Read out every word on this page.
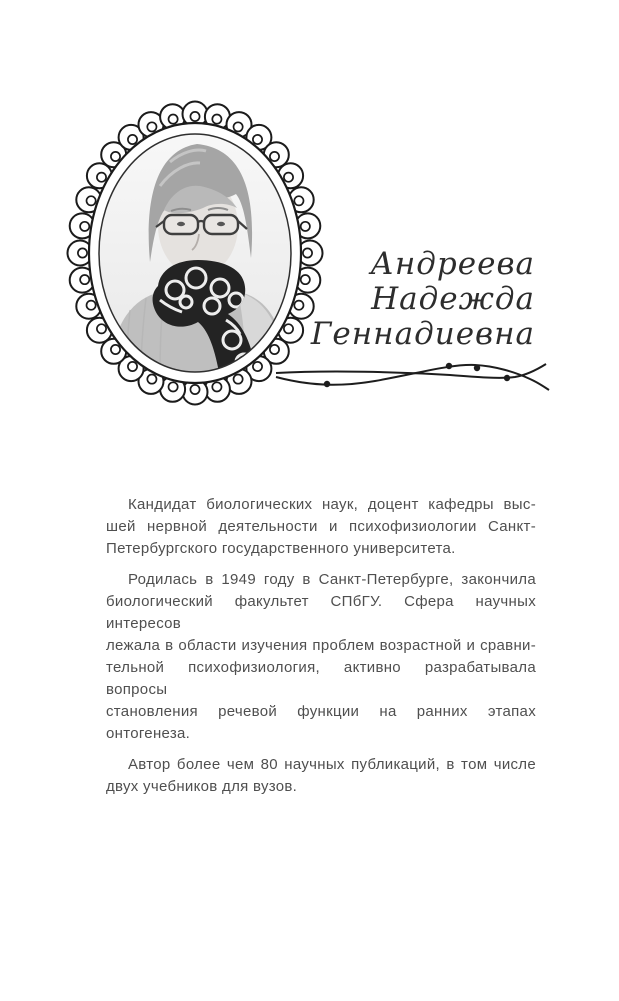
Андреева
Надежда
Геннадиевна

Кандидат биологических наук, доцент кафедры выс-
шей нервной деятельности и психофизиологии Санкт-
Петербургского государственного университета.

Родилась в 1949 году в Санкт-Петербурге, закончила
биологический факультет СПбГУ. Сфера научных интересов
лежала в области изучения проблем возрастной и сравни-
тельной психофизиология, активно разрабатывала вопросы
становления речевой функции на ранних этапах онтогенеза.

Автор более чем 80 научных публикаций, в том числе
двух учебников для вузов.
